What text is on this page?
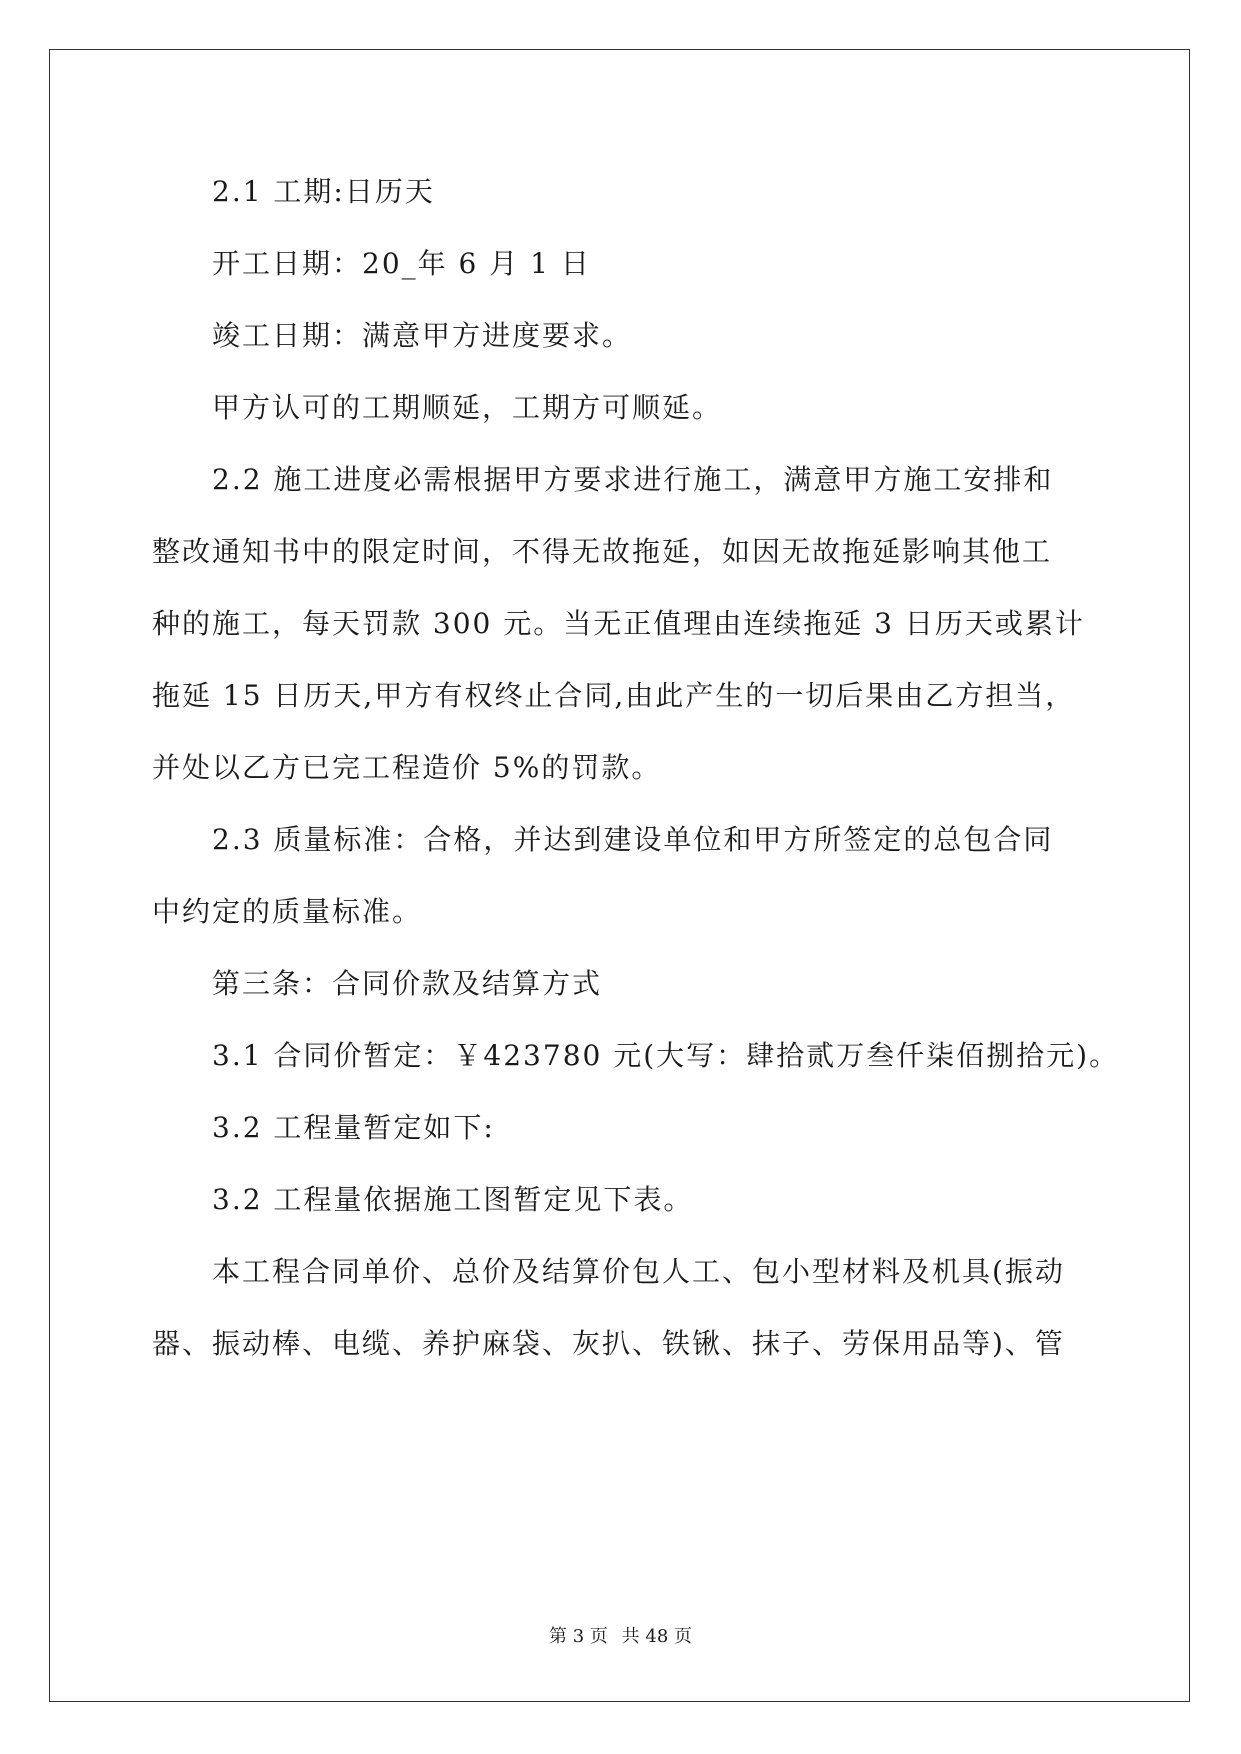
2.1 工期:日历天

开工日期：20_年 6 月 1 日

竣工日期：满意甲方进度要求。

甲方认可的工期顺延，工期方可顺延。

2.2 施工进度必需根据甲方要求进行施工，满意甲方施工安排和

整改通知书中的限定时间，不得无故拖延，如因无故拖延影响其他工

种的施工，每天罚款 300 元。当无正值理由连续拖延 3 日历天或累计

拖延 15 日历天,甲方有权终止合同,由此产生的一切后果由乙方担当，

并处以乙方已完工程造价 5%的罚款。

2.3 质量标准：合格，并达到建设单位和甲方所签定的总包合同

中约定的质量标准。

第三条：合同价款及结算方式

3.1 合同价暂定：￥423780 元(大写：肆拾贰万叁仟柒佰捌拾元)。

3.2 工程量暂定如下:

3.2 工程量依据施工图暂定见下表。

本工程合同单价、总价及结算价包人工、包小型材料及机具(振动

器、振动棒、电缆、养护麻袋、灰扒、铁锹、抹子、劳保用品等)、管

第 3 页 共 48 页
